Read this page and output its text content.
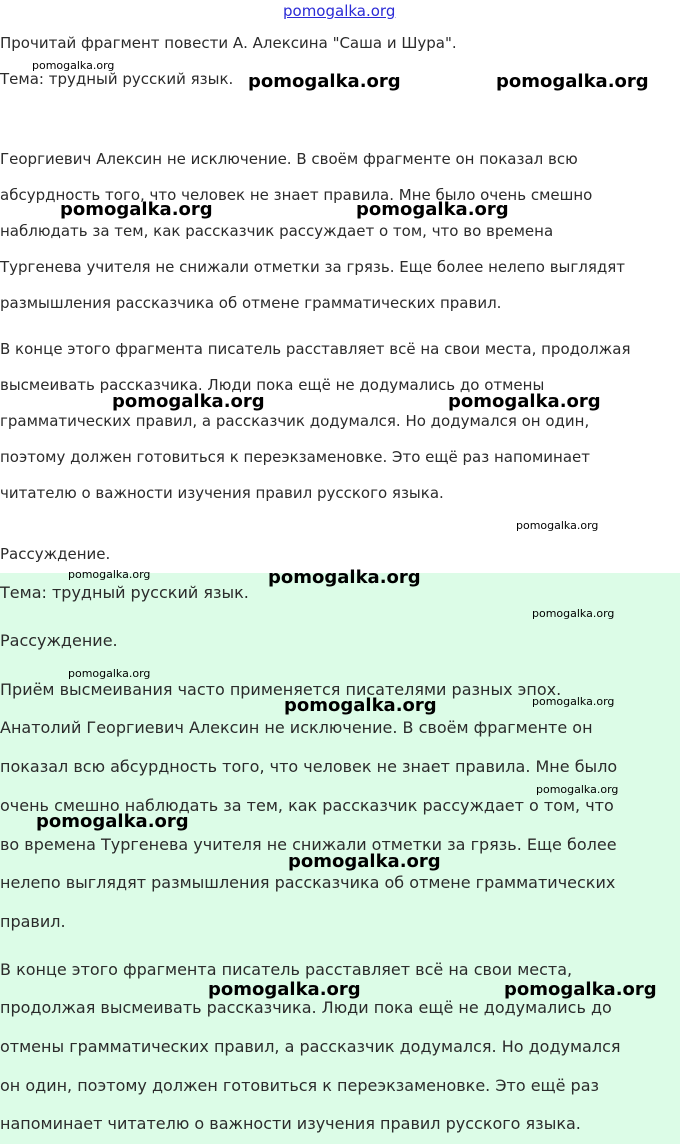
pomogalka.org
Прочитай фрагмент повести А. Алексина "Саша и Шура".
Тема: трудный русский язык.
Георгиевич Алексин не исключение. В своём фрагменте он показал всю
абсурдность того, что человек не знает правила. Мне было очень смешно
наблюдать за тем, как рассказчик рассуждает о том, что во времена
Тургенева учителя не снижали отметки за грязь. Еще более нелепо выглядят
размышления рассказчика об отмене грамматических правил.
В конце этого фрагмента писатель расставляет всё на свои места, продолжая
высмеивать рассказчика. Люди пока ещё не додумались до отмены
грамматических правил, а рассказчик додумался. Но додумался он один,
поэтому должен готовиться к переэкзаменовке. Это ещё раз напоминает
читателю о важности изучения правил русского языка.
Рассуждение.
Тема: трудный русский язык.
Рассуждение.
Приём высмеивания часто применяется писателями разных эпох.
Анатолий Георгиевич Алексин не исключение. В своём фрагменте он
показал всю абсурдность того, что человек не знает правила. Мне было
очень смешно наблюдать за тем, как рассказчик рассуждает о том, что
во времена Тургенева учителя не снижали отметки за грязь. Еще более
нелепо выглядят размышления рассказчика об отмене грамматических
правил.
В конце этого фрагмента писатель расставляет всё на свои места,
продолжая высмеивать рассказчика. Люди пока ещё не додумались до
отмены грамматических правил, а рассказчик додумался. Но додумался
он один, поэтому должен готовиться к переэкзаменовке. Это ещё раз
напоминает читателю о важности изучения правил русского языка.
pomogalka.org
pomogalka.org	pomogalka.org
pomogalka.org	pomogalka.org
pomogalka.org	pomogalka.org
pomogalka.org
pomogalka.org	pomogalka.org
pomogalka.org
pomogalka.org
pomogalka.org	pomogalka.org
pomogalka.org
pomogalka.org
pomogalka.org
pomogalka.org	pomogalka.org
